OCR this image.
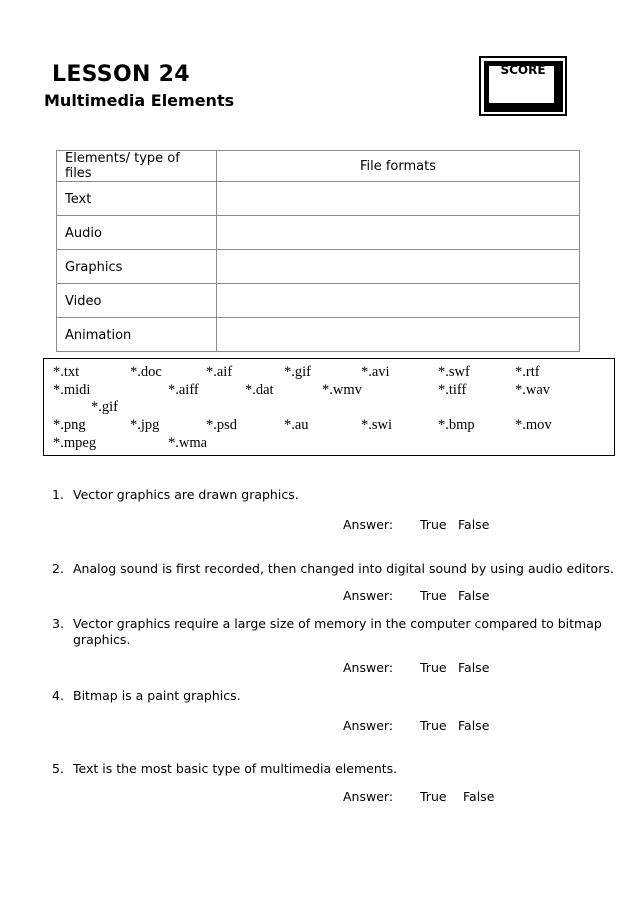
LESSON 24
Multimedia Elements
SCORE
Elements/ type of files	File formats
Text	
Audio	
Graphics	
Video	
Animation	
*.txt	*.doc	*.aif	*.gif	*.avi	*.swf	*.rtf
*.midi	*.aiff	*.dat	*.wmv	*.tiff	*.wav
*.gif
*.png	*.jpg	*.psd	*.au	*.swi	*.bmp	*.mov
*.mpeg	*.wma
1. Vector graphics are drawn graphics.
Answer: True False
2. Analog sound is first recorded, then changed into digital sound by using audio editors.
Answer: True False
3. Vector graphics require a large size of memory in the computer compared to bitmap
graphics.
Answer: True False
4. Bitmap is a paint graphics.
Answer: True False
5. Text is the most basic type of multimedia elements.
Answer: True False
